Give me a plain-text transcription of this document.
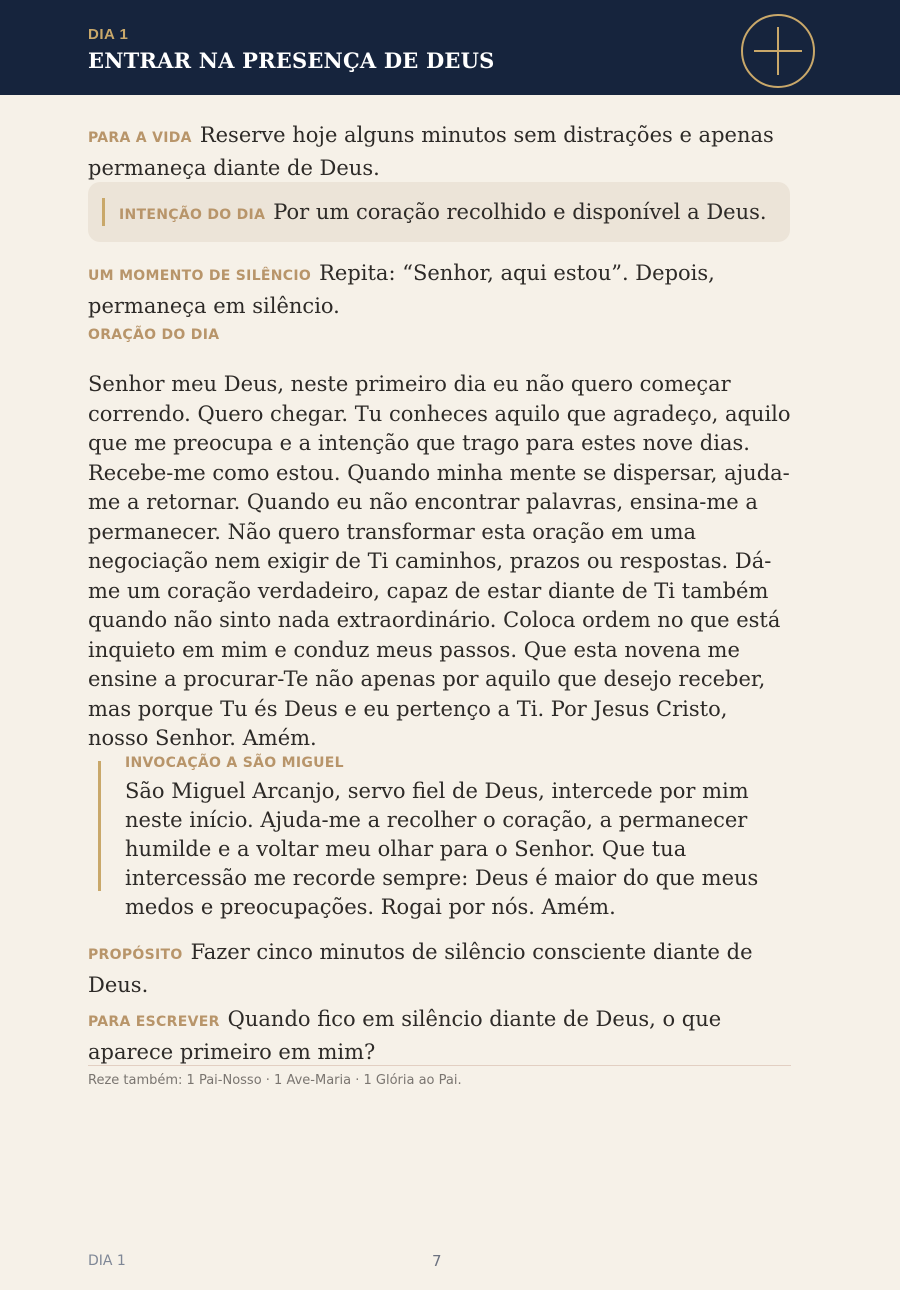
DIA 1
ENTRAR NA PRESENÇA DE DEUS
PARA A VIDA Reserve hoje alguns minutos sem distrações e apenas permaneça diante de Deus.
INTENÇÃO DO DIA Por um coração recolhido e disponível a Deus.
UM MOMENTO DE SILÊNCIO Repita: “Senhor, aqui estou”. Depois, permaneça em silêncio.
ORAÇÃO DO DIA
Senhor meu Deus, neste primeiro dia eu não quero começar correndo. Quero chegar. Tu conheces aquilo que agradeço, aquilo que me preocupa e a intenção que trago para estes nove dias. Recebe-me como estou. Quando minha mente se dispersar, ajuda-me a retornar. Quando eu não encontrar palavras, ensina-me a permanecer. Não quero transformar esta oração em uma negociação nem exigir de Ti caminhos, prazos ou respostas. Dá-me um coração verdadeiro, capaz de estar diante de Ti também quando não sinto nada extraordinário. Coloca ordem no que está inquieto em mim e conduz meus passos. Que esta novena me ensine a procurar-Te não apenas por aquilo que desejo receber, mas porque Tu és Deus e eu pertenço a Ti. Por Jesus Cristo, nosso Senhor. Amém.
INVOCAÇÃO A SÃO MIGUEL
São Miguel Arcanjo, servo fiel de Deus, intercede por mim neste início. Ajuda-me a recolher o coração, a permanecer humilde e a voltar meu olhar para o Senhor. Que tua intercessão me recorde sempre: Deus é maior do que meus medos e preocupações. Rogai por nós. Amém.
PROPÓSITO Fazer cinco minutos de silêncio consciente diante de Deus.
PARA ESCREVER Quando fico em silêncio diante de Deus, o que aparece primeiro em mim?
Reze também: 1 Pai-Nosso · 1 Ave-Maria · 1 Glória ao Pai.
DIA 1	7
